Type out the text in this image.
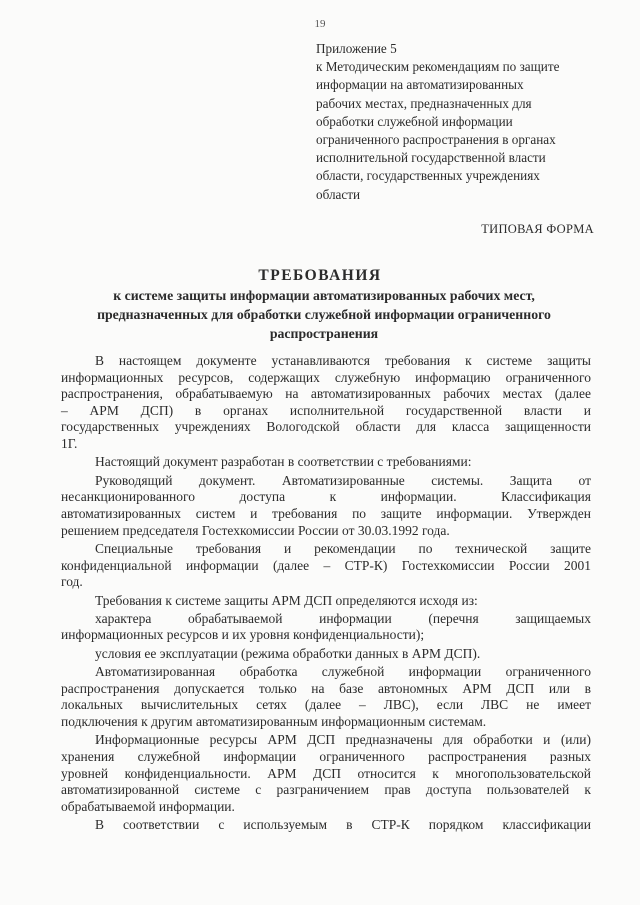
19
Приложение 5
к Методическим рекомендациям по защите
информации на автоматизированных
рабочих местах, предназначенных для
обработки служебной информации
ограниченного распространения в органах
исполнительной государственной власти
области, государственных учреждениях
области
ТИПОВАЯ ФОРМА
ТРЕБОВАНИЯ
к системе защиты информации автоматизированных рабочих мест,
предназначенных для обработки служебной информации ограниченного
распространения
В настоящем документе устанавливаются требования к системе защиты
информационных ресурсов, содержащих служебную информацию ограниченного
распространения, обрабатываемую на автоматизированных рабочих местах (далее
– АРМ ДСП) в органах исполнительной государственной власти и
государственных учреждениях Вологодской области для класса защищенности
1Г.
Настоящий документ разработан в соответствии с требованиями:
Руководящий документ. Автоматизированные системы. Защита от
несанкционированного доступа к информации. Классификация
автоматизированных систем и требования по защите информации. Утвержден
решением председателя Гостехкомиссии России от 30.03.1992 года.
Специальные требования и рекомендации по технической защите
конфиденциальной информации (далее – СТР-К) Гостехкомиссии России 2001
год.
Требования к системе защиты АРМ ДСП определяются исходя из:
характера обрабатываемой информации (перечня защищаемых
информационных ресурсов и их уровня конфиденциальности);
условия ее эксплуатации (режима обработки данных в АРМ ДСП).
Автоматизированная обработка служебной информации ограниченного
распространения допускается только на базе автономных АРМ ДСП или в
локальных вычислительных сетях (далее – ЛВС), если ЛВС не имеет
подключения к другим автоматизированным информационным системам.
Информационные ресурсы АРМ ДСП предназначены для обработки и (или)
хранения служебной информации ограниченного распространения разных
уровней конфиденциальности. АРМ ДСП относится к многопользовательской
автоматизированной системе с разграничением прав доступа пользователей к
обрабатываемой информации.
В соответствии с используемым в СТР-К порядком классификации
